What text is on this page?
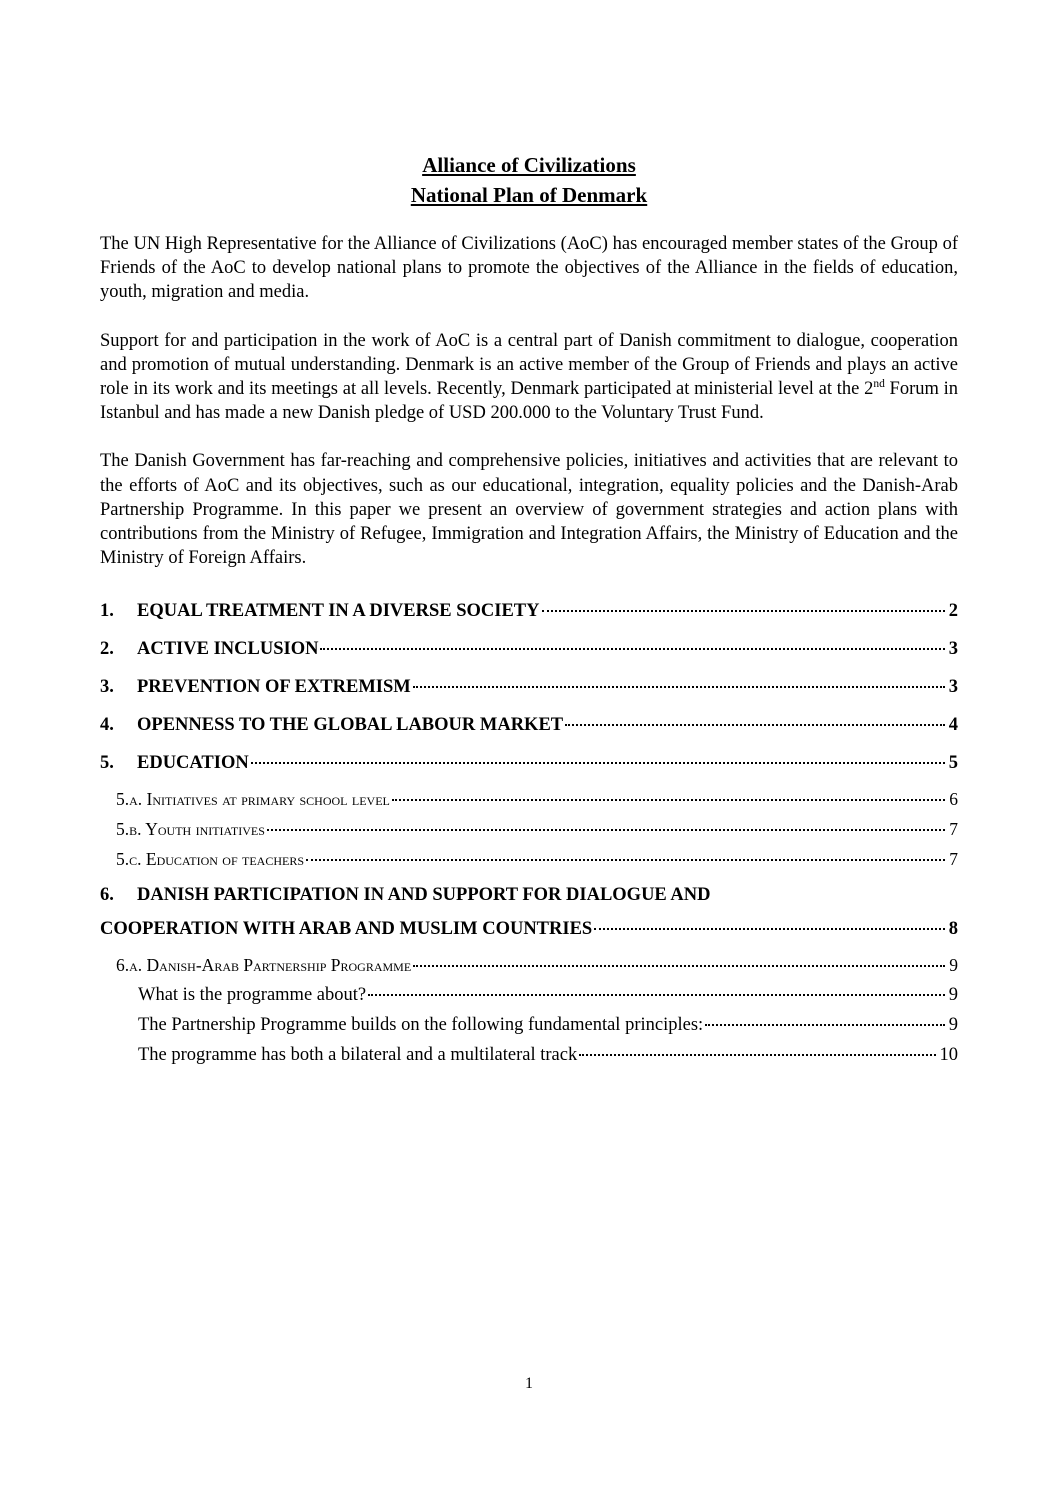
Alliance of Civilizations
National Plan of Denmark

The UN High Representative for the Alliance of Civilizations (AoC) has encouraged member states of the Group of Friends of the AoC to develop national plans to promote the objectives of the Alliance in the fields of education, youth, migration and media.

Support for and participation in the work of AoC is a central part of Danish commitment to dialogue, cooperation and promotion of mutual understanding. Denmark is an active member of the Group of Friends and plays an active role in its work and its meetings at all levels. Recently, Denmark participated at ministerial level at the 2nd Forum in Istanbul and has made a new Danish pledge of USD 200.000 to the Voluntary Trust Fund.

The Danish Government has far-reaching and comprehensive policies, initiatives and activities that are relevant to the efforts of AoC and its objectives, such as our educational, integration, equality policies and the Danish-Arab Partnership Programme. In this paper we present an overview of government strategies and action plans with contributions from the Ministry of Refugee, Immigration and Integration Affairs, the Ministry of Education and the Ministry of Foreign Affairs.

1.	EQUAL TREATMENT IN A DIVERSE SOCIETY	2
2.	ACTIVE INCLUSION	3
3.	PREVENTION OF EXTREMISM	3
4.	OPENNESS TO THE GLOBAL LABOUR MARKET	4
5.	EDUCATION	5
5.a. Initiatives at primary school level	6
5.b. Youth initiatives	7
5.c. Education of teachers	7
6.	DANISH PARTICIPATION IN AND SUPPORT FOR DIALOGUE AND
COOPERATION WITH ARAB AND MUSLIM COUNTRIES	8
6.a. Danish-Arab Partnership Programme	9
What is the programme about?	9
The Partnership Programme builds on the following fundamental principles:	9
The programme has both a bilateral and a multilateral track	10
1
